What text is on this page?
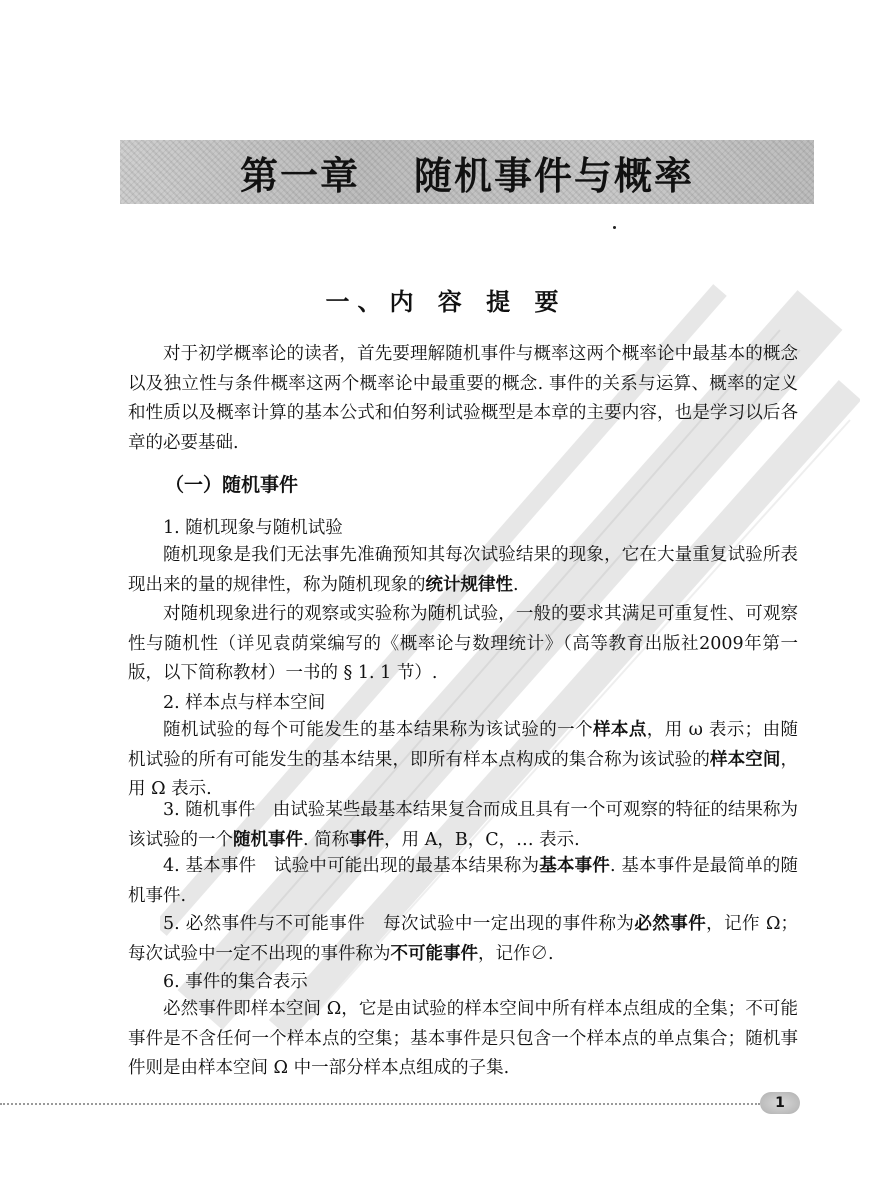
第一章 随机事件与概率
一、内 容 提 要
对于初学概率论的读者，首先要理解随机事件与概率这两个概率论中最基本的概念以及独立性与条件概率这两个概率论中最重要的概念. 事件的关系与运算、概率的定义和性质以及概率计算的基本公式和伯努利试验概型是本章的主要内容，也是学习以后各章的必要基础.
（一）随机事件
1. 随机现象与随机试验
随机现象是我们无法事先准确预知其每次试验结果的现象，它在大量重复试验所表现出来的量的规律性，称为随机现象的统计规律性.
对随机现象进行的观察或实验称为随机试验，一般的要求其满足可重复性、可观察性与随机性（详见袁荫棠编写的《概率论与数理统计》（高等教育出版社2009年第一版，以下简称教材）一书的 § 1. 1 节）.
2. 样本点与样本空间
随机试验的每个可能发生的基本结果称为该试验的一个样本点，用 ω 表示；由随机试验的所有可能发生的基本结果，即所有样本点构成的集合称为该试验的样本空间，用 Ω 表示.
3. 随机事件　由试验某些最基本结果复合而成且具有一个可观察的特征的结果称为该试验的一个随机事件. 简称事件，用 A，B，C，… 表示.
4. 基本事件　试验中可能出现的最基本结果称为基本事件. 基本事件是最简单的随机事件.
5. 必然事件与不可能事件　每次试验中一定出现的事件称为必然事件，记作 Ω；每次试验中一定不出现的事件称为不可能事件，记作∅.
6. 事件的集合表示
必然事件即样本空间 Ω，它是由试验的样本空间中所有样本点组成的全集；不可能事件是不含任何一个样本点的空集；基本事件是只包含一个样本点的单点集合；随机事件则是由样本空间 Ω 中一部分样本点组成的子集.
1
